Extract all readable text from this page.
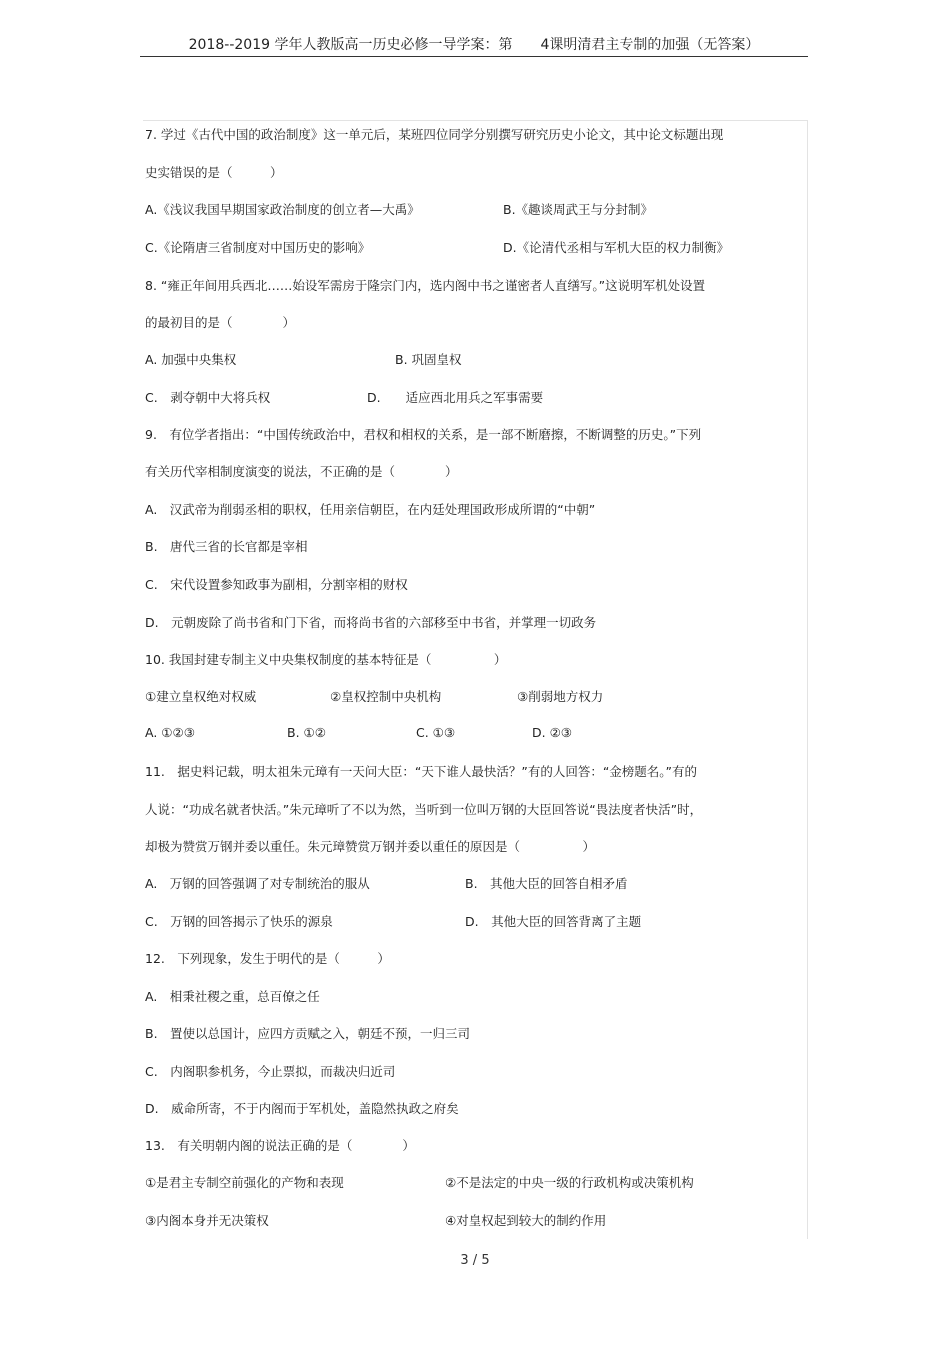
2018--2019 学年人教版高一历史必修一导学案：第　　4课明清君主专制的加强（无答案）
7. 学过《古代中国的政治制度》这一单元后，某班四位同学分别撰写研究历史小论文，其中论文标题出现
史实错误的是（　　　）
A.《浅议我国早期国家政治制度的创立者—大禹》	B.《趣谈周武王与分封制》
C.《论隋唐三省制度对中国历史的影响》	D.《论清代丞相与军机大臣的权力制衡》
8. “雍正年间用兵西北……始设军需房于隆宗门内，选内阁中书之谨密者人直缮写。”这说明军机处设置
的最初目的是（　　　　）
A. 加强中央集权	B. 巩固皇权
C.　剥夺朝中大将兵权	D.　　适应西北用兵之军事需要
9.　有位学者指出：“中国传统政治中，君权和相权的关系，是一部不断磨擦，不断调整的历史。”下列
有关历代宰相制度演变的说法，不正确的是（　　　　）
A.　汉武帝为削弱丞相的职权，任用亲信朝臣，在内廷处理国政形成所谓的“中朝”
B.　唐代三省的长官都是宰相
C.　宋代设置参知政事为副相，分割宰相的财权
D.　元朝废除了尚书省和门下省，而将尚书省的六部移至中书省，并掌理一切政务
10. 我国封建专制主义中央集权制度的基本特征是（　　　　　）
①建立皇权绝对权威	②皇权控制中央机构	③削弱地方权力
A. ①②③	B. ①②	C. ①③	D. ②③
11.　据史料记载，明太祖朱元璋有一天问大臣：“天下谁人最快活？”有的人回答：“金榜题名。”有的
人说：“功成名就者快活。”朱元璋听了不以为然，当听到一位叫万钢的大臣回答说“畏法度者快活”时，
却极为赞赏万钢并委以重任。朱元璋赞赏万钢并委以重任的原因是（　　　　　）
A.　万钢的回答强调了对专制统治的服从	B.　其他大臣的回答自相矛盾
C.　万钢的回答揭示了快乐的源泉	D.　其他大臣的回答背离了主题
12.　下列现象，发生于明代的是（　　　）
A.　相秉社稷之重，总百僚之任
B.　置使以总国计，应四方贡赋之入，朝廷不预，一归三司
C.　内阁职参机务，今止票拟，而裁决归近司
D.　威命所寄，不于内阁而于军机处，盖隐然执政之府矣
13.　有关明朝内阁的说法正确的是（　　　　）
①是君主专制空前强化的产物和表现	②不是法定的中央一级的行政机构或决策机构
③内阁本身并无决策权	④对皇权起到较大的制约作用
3 / 5
